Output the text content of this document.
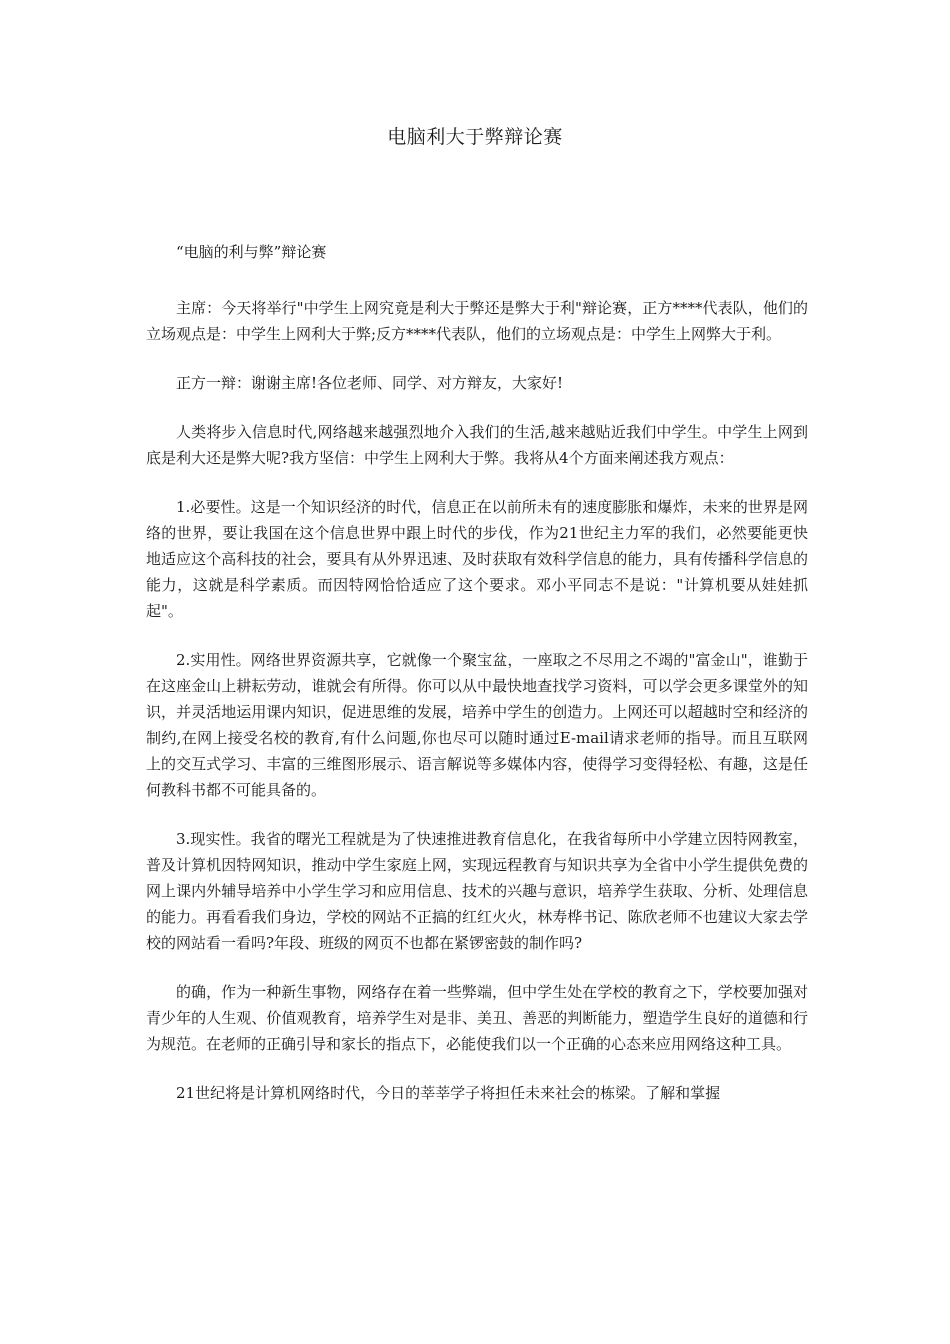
电脑利大于弊辩论赛

“电脑的利与弊”辩论赛

主席：今天将举行"中学生上网究竟是利大于弊还是弊大于利"辩论赛，正方****代表队，他们的立场观点是：中学生上网利大于弊;反方****代表队，他们的立场观点是：中学生上网弊大于利。

正方一辩：谢谢主席!各位老师、同学、对方辩友，大家好!

人类将步入信息时代,网络越来越强烈地介入我们的生活,越来越贴近我们中学生。中学生上网到底是利大还是弊大呢?我方坚信：中学生上网利大于弊。我将从4个方面来阐述我方观点：

1.必要性。这是一个知识经济的时代，信息正在以前所未有的速度膨胀和爆炸，未来的世界是网络的世界，要让我国在这个信息世界中跟上时代的步伐，作为21世纪主力军的我们，必然要能更快地适应这个高科技的社会，要具有从外界迅速、及时获取有效科学信息的能力，具有传播科学信息的能力，这就是科学素质。而因特网恰恰适应了这个要求。邓小平同志不是说："计算机要从娃娃抓起"。

2.实用性。网络世界资源共享，它就像一个聚宝盆，一座取之不尽用之不竭的"富金山"，谁勤于在这座金山上耕耘劳动，谁就会有所得。你可以从中最快地查找学习资料，可以学会更多课堂外的知识，并灵活地运用课内知识，促进思维的发展，培养中学生的创造力。上网还可以超越时空和经济的制约,在网上接受名校的教育,有什么问题,你也尽可以随时通过E-mail请求老师的指导。而且互联网上的交互式学习、丰富的三维图形展示、语言解说等多媒体内容，使得学习变得轻松、有趣，这是任何教科书都不可能具备的。

3.现实性。我省的曙光工程就是为了快速推进教育信息化，在我省每所中小学建立因特网教室，普及计算机因特网知识，推动中学生家庭上网，实现远程教育与知识共享为全省中小学生提供免费的网上课内外辅导培养中小学生学习和应用信息、技术的兴趣与意识，培养学生获取、分析、处理信息的能力。再看看我们身边，学校的网站不正搞的红红火火，林寿桦书记、陈欣老师不也建议大家去学校的网站看一看吗?年段、班级的网页不也都在紧锣密鼓的制作吗?

的确，作为一种新生事物，网络存在着一些弊端，但中学生处在学校的教育之下，学校要加强对青少年的人生观、价值观教育，培养学生对是非、美丑、善恶的判断能力，塑造学生良好的道德和行为规范。在老师的正确引导和家长的指点下，必能使我们以一个正确的心态来应用网络这种工具。

21世纪将是计算机网络时代，今日的莘莘学子将担任未来社会的栋梁。了解和掌握
